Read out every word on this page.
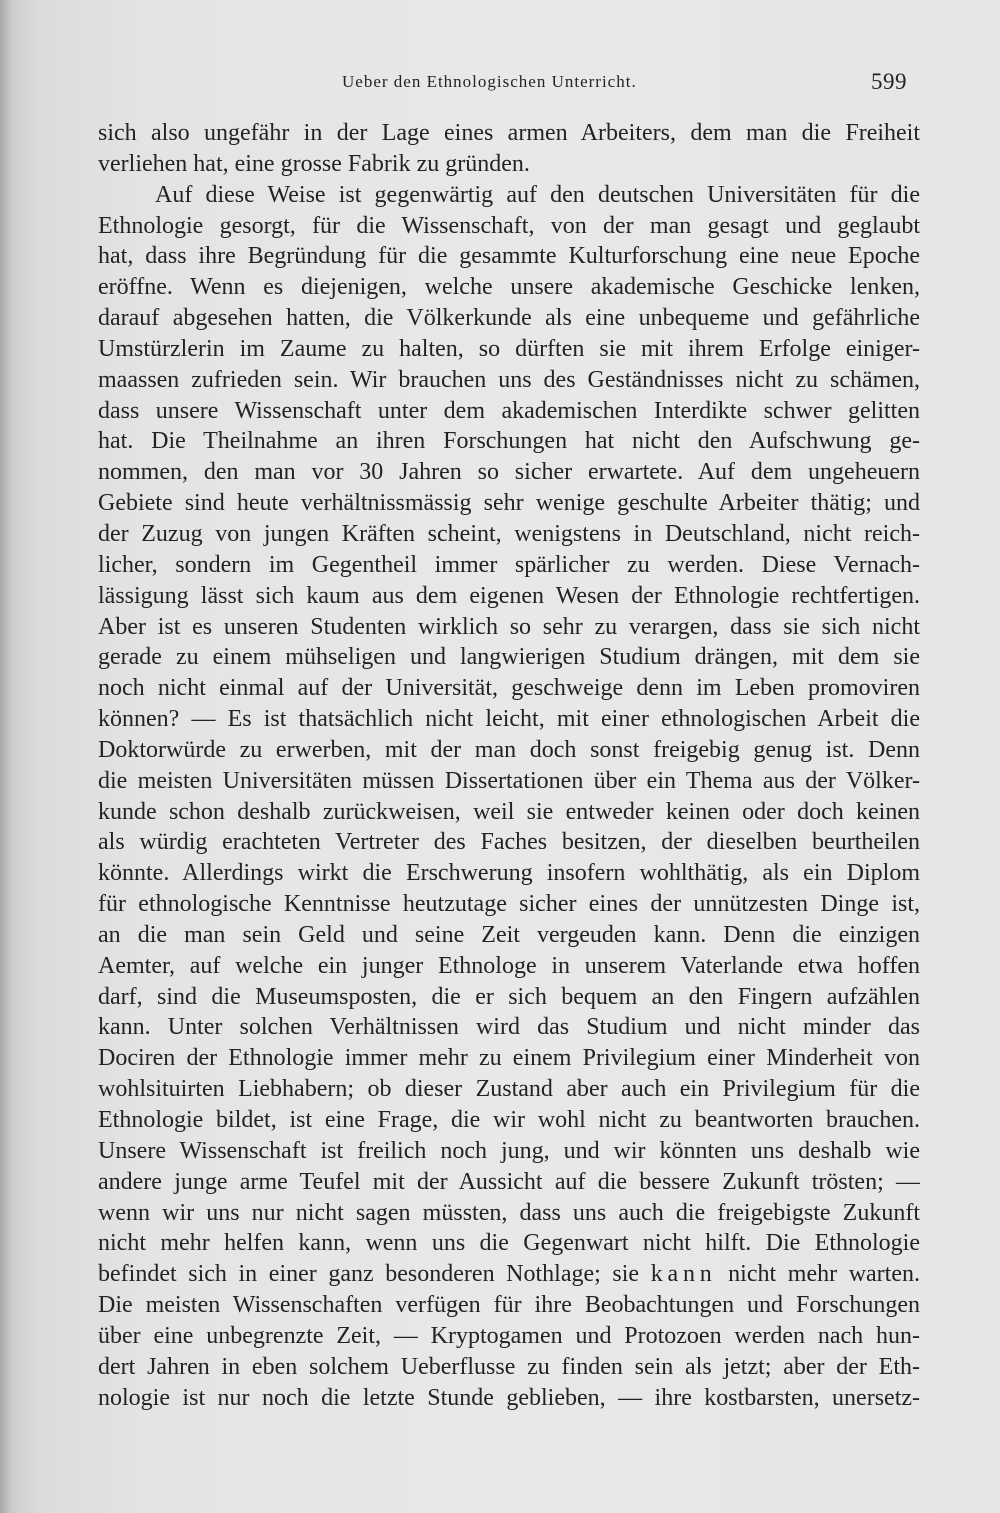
Ueber den Ethnologischen Unterricht.	599
sich also ungefähr in der Lage eines armen Arbeiters, dem man die Freiheit
verliehen hat, eine grosse Fabrik zu gründen.
Auf diese Weise ist gegenwärtig auf den deutschen Universitäten für die
Ethnologie gesorgt, für die Wissenschaft, von der man gesagt und geglaubt
hat, dass ihre Begründung für die gesammte Kulturforschung eine neue Epoche
eröffne. Wenn es diejenigen, welche unsere akademische Geschicke lenken,
darauf abgesehen hatten, die Völkerkunde als eine unbequeme und gefährliche
Umstürzlerin im Zaume zu halten, so dürften sie mit ihrem Erfolge einiger-
maassen zufrieden sein. Wir brauchen uns des Geständnisses nicht zu schämen,
dass unsere Wissenschaft unter dem akademischen Interdikte schwer gelitten
hat. Die Theilnahme an ihren Forschungen hat nicht den Aufschwung ge-
nommen, den man vor 30 Jahren so sicher erwartete. Auf dem ungeheuern
Gebiete sind heute verhältnissmässig sehr wenige geschulte Arbeiter thätig; und
der Zuzug von jungen Kräften scheint, wenigstens in Deutschland, nicht reich-
licher, sondern im Gegentheil immer spärlicher zu werden. Diese Vernach-
lässigung lässt sich kaum aus dem eigenen Wesen der Ethnologie rechtfertigen.
Aber ist es unseren Studenten wirklich so sehr zu verargen, dass sie sich nicht
gerade zu einem mühseligen und langwierigen Studium drängen, mit dem sie
noch nicht einmal auf der Universität, geschweige denn im Leben promoviren
können? — Es ist thatsächlich nicht leicht, mit einer ethnologischen Arbeit die
Doktorwürde zu erwerben, mit der man doch sonst freigebig genug ist. Denn
die meisten Universitäten müssen Dissertationen über ein Thema aus der Völker-
kunde schon deshalb zurückweisen, weil sie entweder keinen oder doch keinen
als würdig erachteten Vertreter des Faches besitzen, der dieselben beurtheilen
könnte. Allerdings wirkt die Erschwerung insofern wohlthätig, als ein Diplom
für ethnologische Kenntnisse heutzutage sicher eines der unnützesten Dinge ist,
an die man sein Geld und seine Zeit vergeuden kann. Denn die einzigen
Aemter, auf welche ein junger Ethnologe in unserem Vaterlande etwa hoffen
darf, sind die Museumsposten, die er sich bequem an den Fingern aufzählen
kann. Unter solchen Verhältnissen wird das Studium und nicht minder das
Dociren der Ethnologie immer mehr zu einem Privilegium einer Minderheit von
wohlsituirten Liebhabern; ob dieser Zustand aber auch ein Privilegium für die
Ethnologie bildet, ist eine Frage, die wir wohl nicht zu beantworten brauchen.
Unsere Wissenschaft ist freilich noch jung, und wir könnten uns deshalb wie
andere junge arme Teufel mit der Aussicht auf die bessere Zukunft trösten; —
wenn wir uns nur nicht sagen müssten, dass uns auch die freigebigste Zukunft
nicht mehr helfen kann, wenn uns die Gegenwart nicht hilft. Die Ethnologie
befindet sich in einer ganz besonderen Nothlage; sie kann nicht mehr warten.
Die meisten Wissenschaften verfügen für ihre Beobachtungen und Forschungen
über eine unbegrenzte Zeit, — Kryptogamen und Protozoen werden nach hun-
dert Jahren in eben solchem Ueberflusse zu finden sein als jetzt; aber der Eth-
nologie ist nur noch die letzte Stunde geblieben, — ihre kostbarsten, unersetz-
